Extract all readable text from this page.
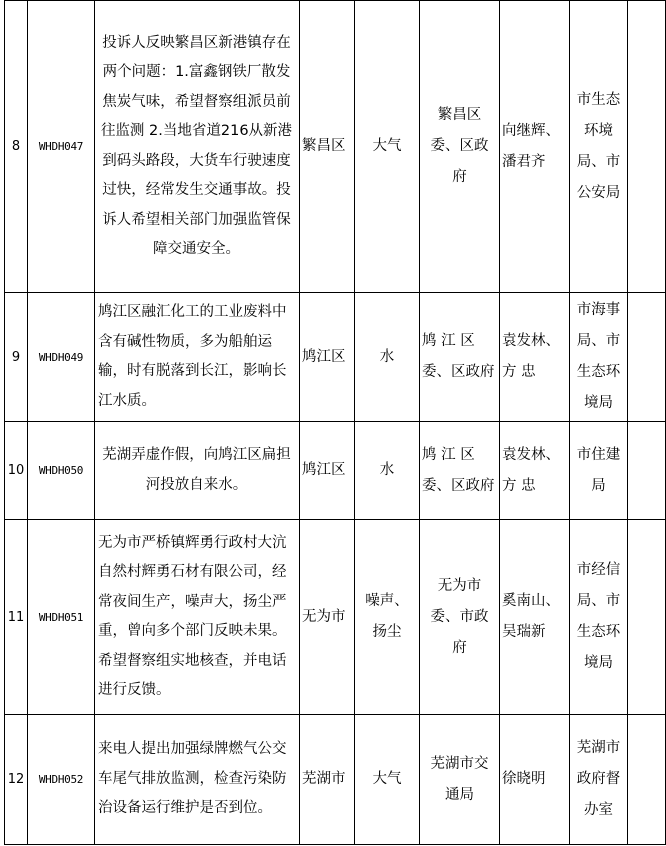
8	WHDH047	投诉人反映繁昌区新港镇存在两个问题：1.富鑫钢铁厂散发焦炭气味，希望督察组派员前往监测 2.当地省道216从新港到码头路段，大货车行驶速度过快，经常发生交通事故。投诉人希望相关部门加强监管保障交通安全。	繁昌区	大气	繁昌区委、区政府	向继辉、潘君齐	市生态环境局、市公安局	
9	WHDH049	鸠江区融汇化工的工业废料中含有碱性物质，多为船舶运输，时有脱落到长江，影响长江水质。	鸠江区	水	鸠 江 区委、区政府	袁发林、方 忠	市海事局、市生态环境局	
10	WHDH050	芜湖弄虚作假，向鸠江区扁担河投放自来水。	鸠江区	水	鸠 江 区委、区政府	袁发林、方 忠	市住建局	
11	WHDH051	无为市严桥镇辉勇行政村大沆自然村辉勇石材有限公司，经常夜间生产，噪声大，扬尘严重，曾向多个部门反映未果。希望督察组实地核查，并电话进行反馈。	无为市	噪声、扬尘	无为市委、市政府	奚南山、吴瑞新	市经信局、市生态环境局	
12	WHDH052	来电人提出加强绿牌燃气公交车尾气排放监测，检查污染防治设备运行维护是否到位。	芜湖市	大气	芜湖市交通局	徐晓明	芜湖市政府督办室	
